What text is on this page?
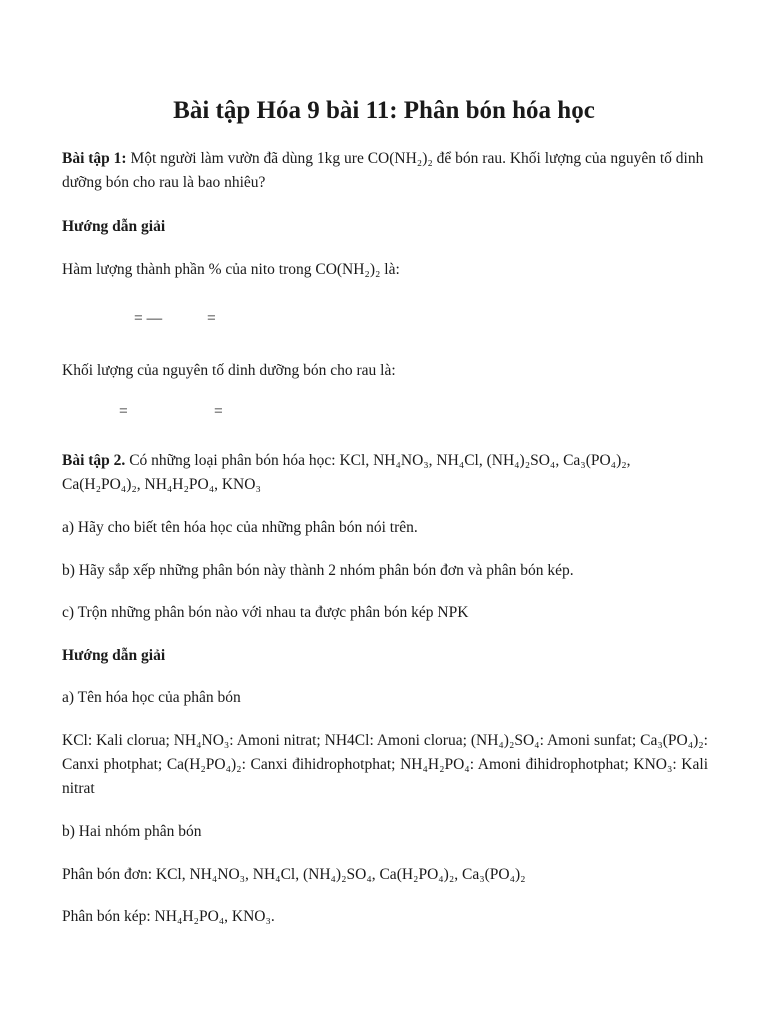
Bài tập Hóa 9 bài 11: Phân bón hóa học
Bài tập 1: Một người làm vườn đã dùng 1kg ure CO(NH₂)₂ để bón rau. Khối lượng của nguyên tố dinh dưỡng bón cho rau là bao nhiêu?
Hướng dẫn giải
Hàm lượng thành phần % của nito trong CO(NH₂)₂ là:
= —	=
Khối lượng của nguyên tố dinh dưỡng bón cho rau là:
=	=
Bài tập 2. Có những loại phân bón hóa học: KCl, NH₄NO₃, NH₄Cl, (NH₄)₂SO₄, Ca₃(PO₄)₂, Ca(H₂PO₄)₂, NH₄H₂PO₄, KNO₃
a) Hãy cho biết tên hóa học của những phân bón nói trên.
b) Hãy sắp xếp những phân bón này thành 2 nhóm phân bón đơn và phân bón kép.
c) Trộn những phân bón nào với nhau ta được phân bón kép NPK
Hướng dẫn giải
a) Tên hóa học của phân bón
KCl: Kali clorua; NH₄NO₃: Amoni nitrat; NH4Cl: Amoni clorua; (NH₄)₂SO₄: Amoni sunfat; Ca₃(PO₄)₂: Canxi photphat; Ca(H₂PO₄)₂: Canxi đihidrophotphat; NH₄H₂PO₄: Amoni đihidrophotphat; KNO₃: Kali nitrat
b) Hai nhóm phân bón
Phân bón đơn: KCl, NH₄NO₃, NH₄Cl, (NH₄)₂SO₄, Ca(H₂PO₄)₂, Ca₃(PO₄)₂
Phân bón kép: NH₄H₂PO₄, KNO₃.
